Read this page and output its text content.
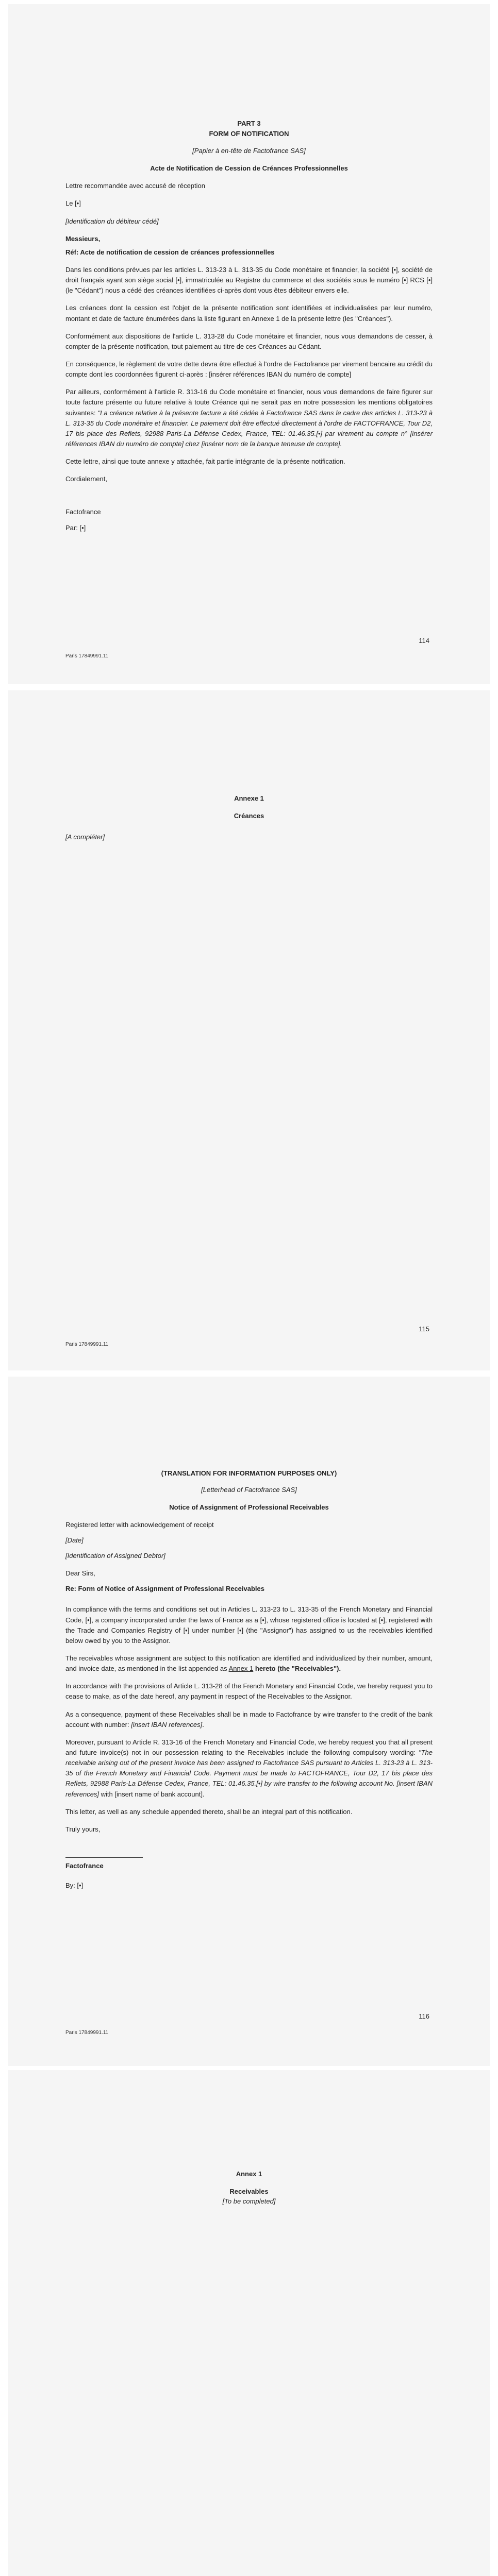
PART 3
FORM OF NOTIFICATION

[Papier à en-tête de Factofrance SAS]

Acte de Notification de Cession de Créances Professionnelles

Lettre recommandée avec accusé de réception

Le [•]

[Identification du débiteur cédé]

Messieurs,

Réf: Acte de notification de cession de créances professionnelles

Dans les conditions prévues par les articles L. 313-23 à L. 313-35 du Code monétaire et financier, la société [•], société de droit français ayant son siège social [•], immatriculée au Registre du commerce et des sociétés sous le numéro [•] RCS [•] (le "Cédant") nous a cédé des créances identifiées ci-après dont vous êtes débiteur envers elle.

Les créances dont la cession est l'objet de la présente notification sont identifiées et individualisées par leur numéro, montant et date de facture énumérées dans la liste figurant en Annexe 1 de la présente lettre (les "Créances").

Conformément aux dispositions de l'article L. 313-28 du Code monétaire et financier, nous vous demandons de cesser, à compter de la présente notification, tout paiement au titre de ces Créances au Cédant.

En conséquence, le règlement de votre dette devra être effectué à l'ordre de Factofrance par virement bancaire au crédit du compte dont les coordonnées figurent ci-après : [insérer références IBAN du numéro de compte]

Par ailleurs, conformément à l'article R. 313-16 du Code monétaire et financier, nous vous demandons de faire figurer sur toute facture présente ou future relative à toute Créance qui ne serait pas en notre possession les mentions obligatoires suivantes: "La créance relative à la présente facture a été cédée à Factofrance SAS dans le cadre des articles L. 313-23 à L. 313-35 du Code monétaire et financier. Le paiement doit être effectué directement à l'ordre de FACTOFRANCE, Tour D2, 17 bis place des Reflets, 92988 Paris-La Défense Cedex, France, TEL: 01.46.35.[•] par virement au compte n° [insérer références IBAN du numéro de compte] chez [insérer nom de la banque teneuse de compte].

Cette lettre, ainsi que toute annexe y attachée, fait partie intégrante de la présente notification.

Cordialement,

Factofrance

Par: [•]

114
Paris 17849991.11
Annexe 1
Créances

[A compléter]

115
Paris 17849991.11
(TRANSLATION FOR INFORMATION PURPOSES ONLY)

[Letterhead of Factofrance SAS]

Notice of Assignment of Professional Receivables

Registered letter with acknowledgement of receipt

[Date]

[Identification of Assigned Debtor]

Dear Sirs,

Re: Form of Notice of Assignment of Professional Receivables

In compliance with the terms and conditions set out in Articles L. 313-23 to L. 313-35 of the French Monetary and Financial Code, [•], a company incorporated under the laws of France as a [•], whose registered office is located at [•], registered with the Trade and Companies Registry of [•] under number [•] (the "Assignor") has assigned to us the receivables identified below owed by you to the Assignor.

The receivables whose assignment are subject to this notification are identified and individualized by their number, amount, and invoice date, as mentioned in the list appended as Annex 1 hereto (the "Receivables").

In accordance with the provisions of Article L. 313-28 of the French Monetary and Financial Code, we hereby request you to cease to make, as of the date hereof, any payment in respect of the Receivables to the Assignor.

As a consequence, payment of these Receivables shall be in made to Factofrance by wire transfer to the credit of the bank account with number: [insert IBAN references].

Moreover, pursuant to Article R. 313-16 of the French Monetary and Financial Code, we hereby request you that all present and future invoice(s) not in our possession relating to the Receivables include the following compulsory wording: "The receivable arising out of the present invoice has been assigned to Factofrance SAS pursuant to Articles L. 313-23 à L. 313-35 of the French Monetary and Financial Code. Payment must be made to FACTOFRANCE, Tour D2, 17 bis place des Reflets, 92988 Paris-La Défense Cedex, France, TEL: 01.46.35.[•] by wire transfer to the following account No. [insert IBAN references] with [insert name of bank account].

This letter, as well as any schedule appended thereto, shall be an integral part of this notification.

Truly yours,

Factofrance

By: [•]

116
Paris 17849991.11
Annex 1
Receivables

[To be completed]
